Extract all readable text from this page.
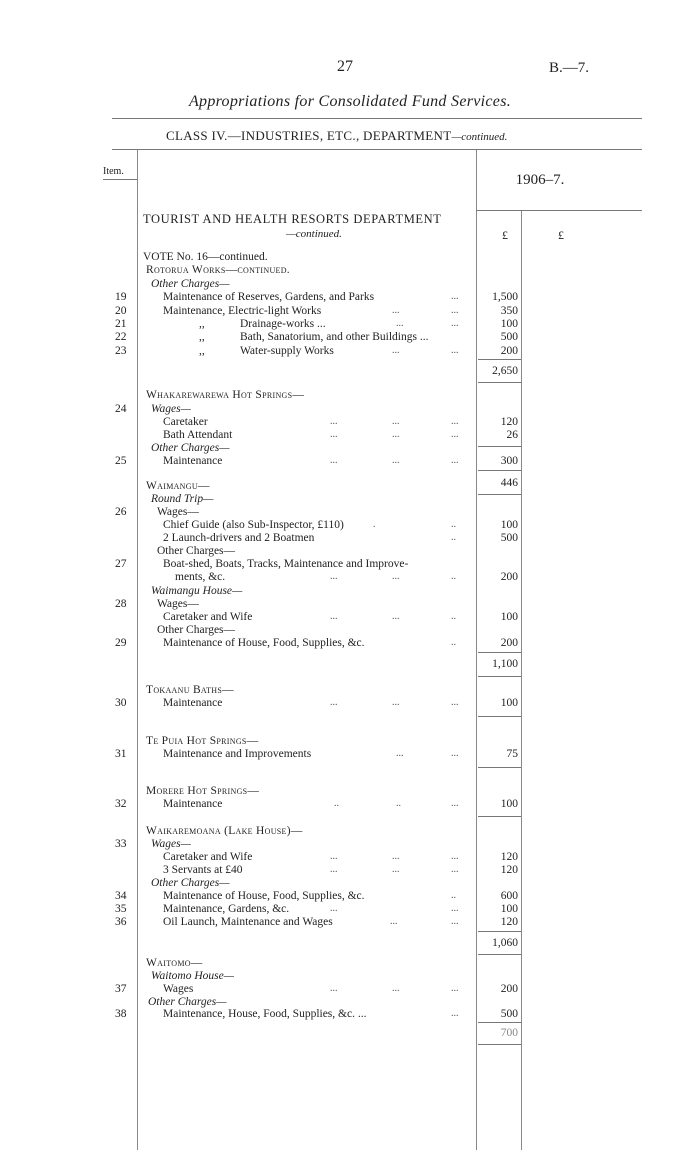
27	B.—7.
Appropriations for Consolidated Fund Services.
CLASS IV.—INDUSTRIES, ETC., DEPARTMENT—continued.
Item.
1906–7.
TOURIST AND HEALTH RESORTS DEPARTMENT
—continued.	£	£
VOTE No. 16—continued.
Rotorua Works—continued.
Other Charges—
19	Maintenance of Reserves, Gardens, and Parks	...	1,500
20	Maintenance, Electric-light Works	...	...	350
21	,,	Drainage-works ...	...	...	100
22	,,	Bath, Sanatorium, and other Buildings ...	500
23	,,	Water-supply Works	...	...	200
2,650
Whakarewarewa Hot Springs—
24	Wages—
Caretaker	...	...	...	120
Bath Attendant	...	...	...	26
Other Charges—
25	Maintenance	...	...	...	300
446
Waimangu—
Round Trip—
26	Wages—
Chief Guide (also Sub-Inspector, £110)	.	..	100
2 Launch-drivers and 2 Boatmen	..	500
Other Charges—
27	Boat-shed, Boats, Tracks, Maintenance and Improve-
ments, &c.	...	...	..	200
Waimangu House—
28	Wages—
Caretaker and Wife	...	...	..	100
Other Charges—
29	Maintenance of House, Food, Supplies, &c.	..	200
1,100
Tokaanu Baths—
30	Maintenance	...	...	...	100
Te Puia Hot Springs—
31	Maintenance and Improvements	...	...	75
Morere Hot Springs—
32	Maintenance	..	..	...	100
Waikaremoana (Lake House)—
33	Wages—
Caretaker and Wife	...	...	...	120
3 Servants at £40	...	...	...	120
Other Charges—
34	Maintenance of House, Food, Supplies, &c.	..	600
35	Maintenance, Gardens, &c.	...	...	100
36	Oil Launch, Maintenance and Wages	...	...	120
1,060
Waitomo—
Waitomo House—
37	Wages	...	...	...	200
Other Charges—
38	Maintenance, House, Food, Supplies, &c. ...	...	500
700
